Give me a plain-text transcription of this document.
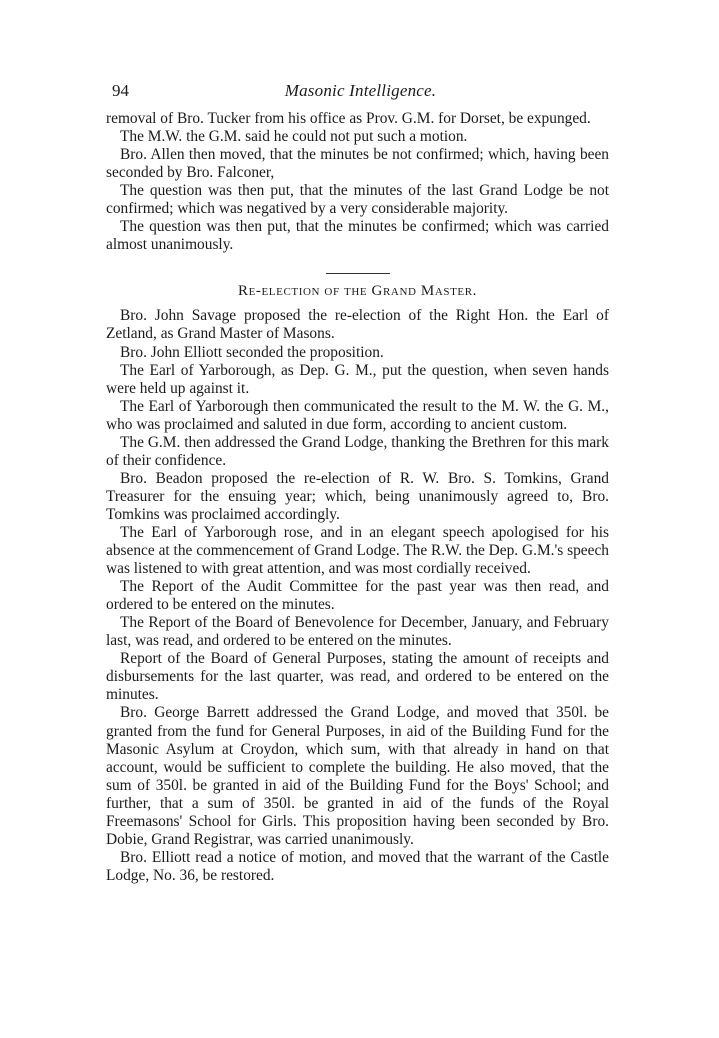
94	Masonic Intelligence.

removal of Bro. Tucker from his office as Prov. G.M. for Dorset, be expunged.

The M.W. the G.M. said he could not put such a motion.

Bro. Allen then moved, that the minutes be not confirmed; which, having been seconded by Bro. Falconer,

The question was then put, that the minutes of the last Grand Lodge be not confirmed; which was negatived by a very considerable majority.

The question was then put, that the minutes be confirmed; which was carried almost unanimously.

Re-election of the Grand Master.

Bro. John Savage proposed the re-election of the Right Hon. the Earl of Zetland, as Grand Master of Masons.

Bro. John Elliott seconded the proposition.

The Earl of Yarborough, as Dep. G. M., put the question, when seven hands were held up against it.

The Earl of Yarborough then communicated the result to the M. W. the G. M., who was proclaimed and saluted in due form, according to ancient custom.

The G.M. then addressed the Grand Lodge, thanking the Brethren for this mark of their confidence.

Bro. Beadon proposed the re-election of R. W. Bro. S. Tomkins, Grand Treasurer for the ensuing year; which, being unanimously agreed to, Bro. Tomkins was proclaimed accordingly.

The Earl of Yarborough rose, and in an elegant speech apologised for his absence at the commencement of Grand Lodge. The R.W. the Dep. G.M.'s speech was listened to with great attention, and was most cordially received.

The Report of the Audit Committee for the past year was then read, and ordered to be entered on the minutes.

The Report of the Board of Benevolence for December, January, and February last, was read, and ordered to be entered on the minutes.

Report of the Board of General Purposes, stating the amount of receipts and disbursements for the last quarter, was read, and ordered to be entered on the minutes.

Bro. George Barrett addressed the Grand Lodge, and moved that 350l. be granted from the fund for General Purposes, in aid of the Building Fund for the Masonic Asylum at Croydon, which sum, with that already in hand on that account, would be sufficient to complete the building. He also moved, that the sum of 350l. be granted in aid of the Building Fund for the Boys' School; and further, that a sum of 350l. be granted in aid of the funds of the Royal Freemasons' School for Girls. This proposition having been seconded by Bro. Dobie, Grand Registrar, was carried unanimously.

Bro. Elliott read a notice of motion, and moved that the warrant of the Castle Lodge, No. 36, be restored.
